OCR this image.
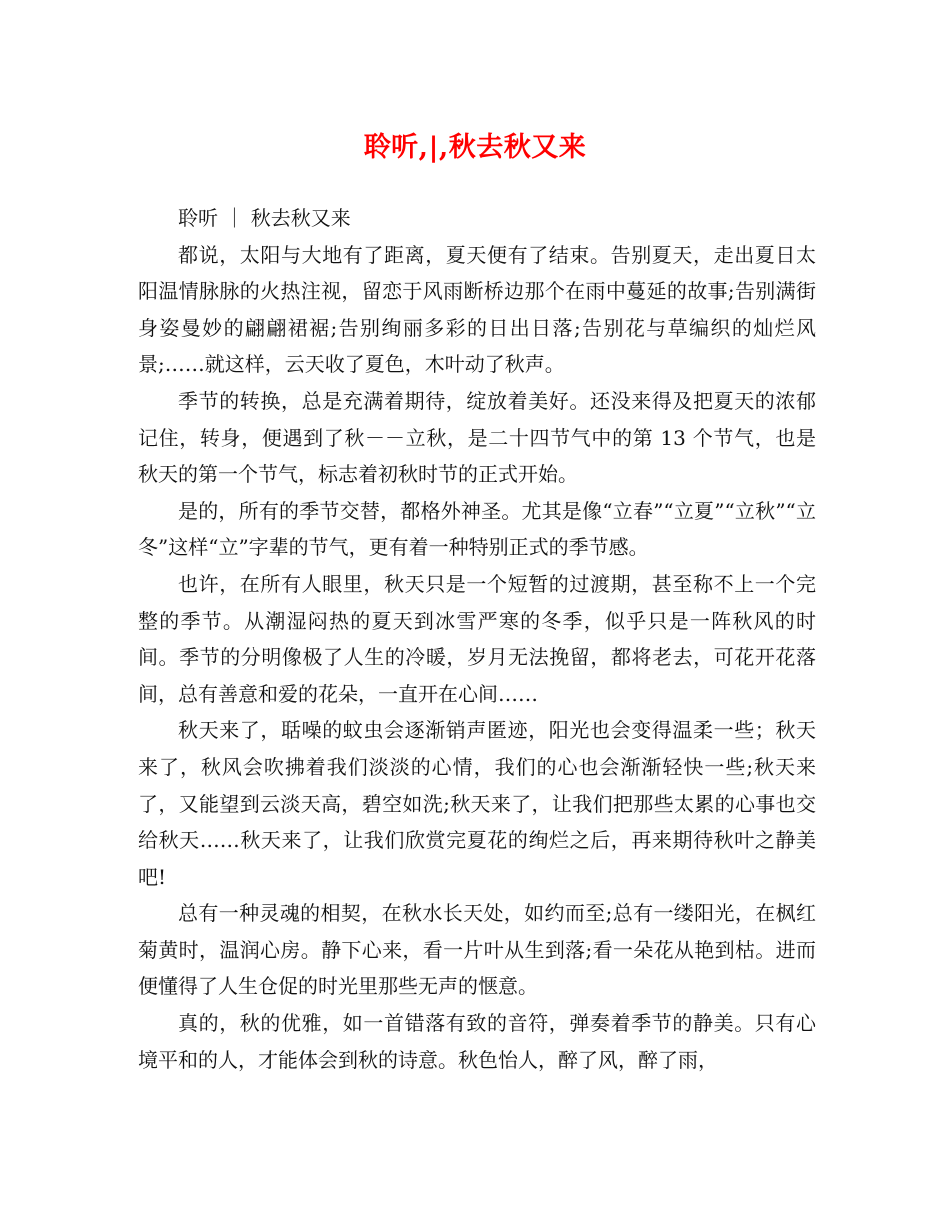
聆听,|,秋去秋又来

聆听 ｜ 秋去秋又来

都说，太阳与大地有了距离，夏天便有了结束。告别夏天，走出夏日太阳温情脉脉的火热注视，留恋于风雨断桥边那个在雨中蔓延的故事;告别满街身姿曼妙的翩翩裙裾;告别绚丽多彩的日出日落;告别花与草编织的灿烂风景;……就这样，云天收了夏色，木叶动了秋声。

季节的转换，总是充满着期待，绽放着美好。还没来得及把夏天的浓郁记住，转身，便遇到了秋－－立秋，是二十四节气中的第 13 个节气，也是秋天的第一个节气，标志着初秋时节的正式开始。

是的，所有的季节交替，都格外神圣。尤其是像“立春”“立夏”“立秋”“立冬”这样“立”字辈的节气，更有着一种特别正式的季节感。

也许，在所有人眼里，秋天只是一个短暂的过渡期，甚至称不上一个完整的季节。从潮湿闷热的夏天到冰雪严寒的冬季，似乎只是一阵秋风的时间。季节的分明像极了人生的冷暖，岁月无法挽留，都将老去，可花开花落间，总有善意和爱的花朵，一直开在心间……

秋天来了，聒噪的蚊虫会逐渐销声匿迹，阳光也会变得温柔一些；秋天来了，秋风会吹拂着我们淡淡的心情，我们的心也会渐渐轻快一些;秋天来了，又能望到云淡天高，碧空如洗;秋天来了，让我们把那些太累的心事也交给秋天……秋天来了，让我们欣赏完夏花的绚烂之后，再来期待秋叶之静美吧!

总有一种灵魂的相契，在秋水长天处，如约而至;总有一缕阳光，在枫红菊黄时，温润心房。静下心来，看一片叶从生到落;看一朵花从艳到枯。进而便懂得了人生仓促的时光里那些无声的惬意。

真的，秋的优雅，如一首错落有致的音符，弹奏着季节的静美。只有心境平和的人，才能体会到秋的诗意。秋色怡人，醉了风，醉了雨，
